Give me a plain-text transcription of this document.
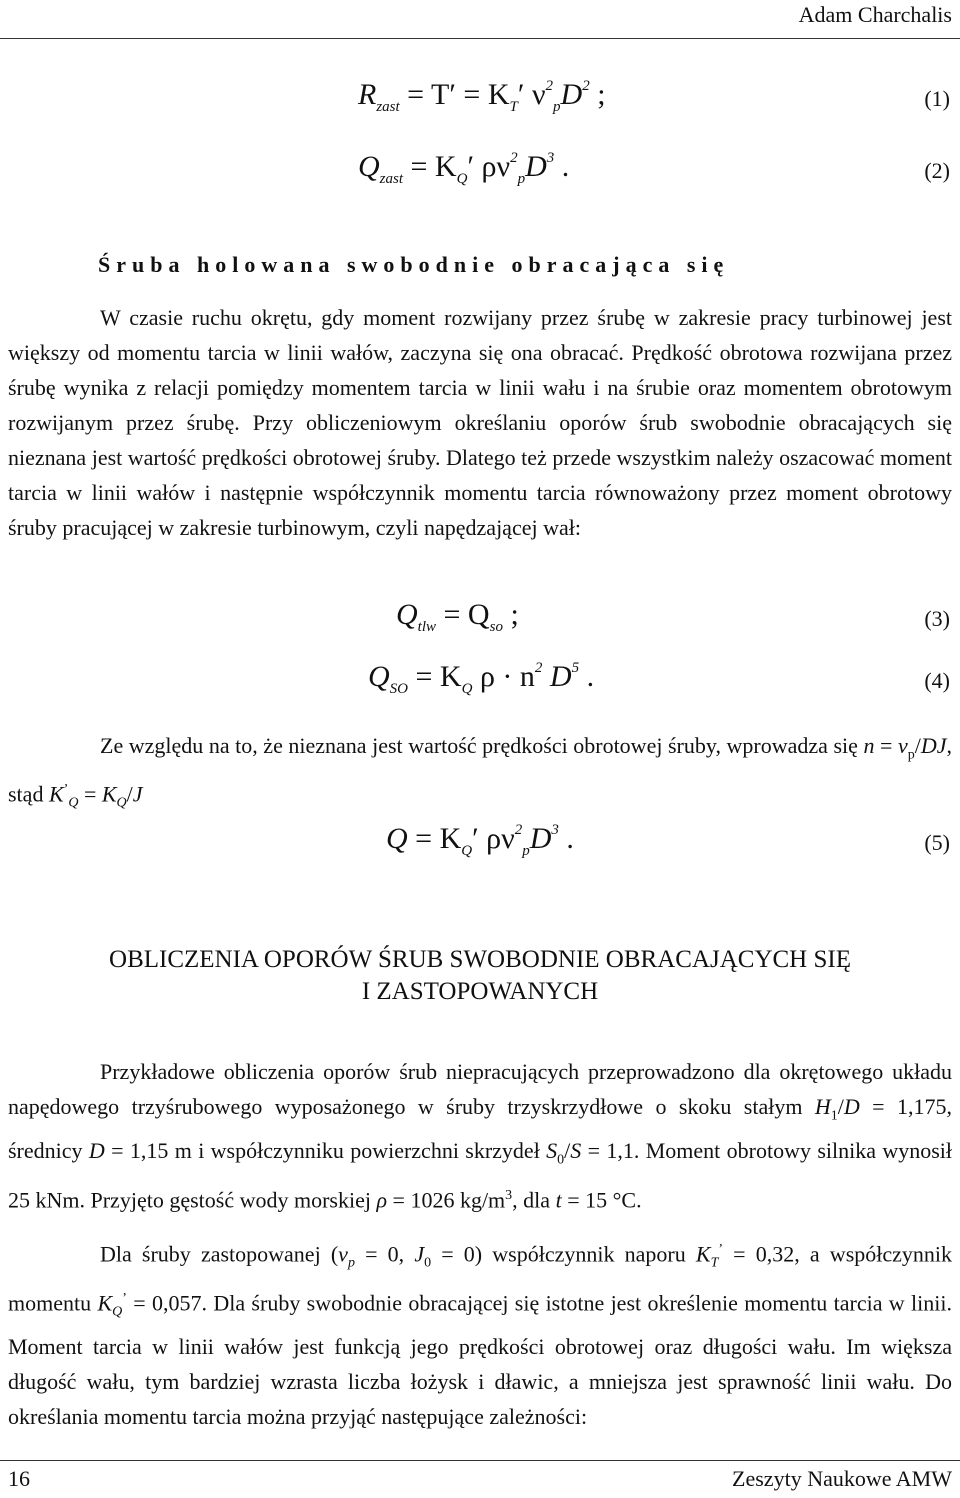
Adam Charchalis
$R_{zast} = T' = K_T'$ $\nu^2_pD^2$ ;	(1)
$Q_{zast} = K_Q'$ $\rho\nu^2_pD^3$ .	(2)
Śruba holowana swobodnie obracająca się

W czasie ruchu okrętu, gdy moment rozwijany przez śrubę w zakresie pracy turbinowej jest większy od momentu tarcia w linii wałów, zaczyna się ona obracać. Prędkość obrotowa rozwijana przez śrubę wynika z relacji pomiędzy momentem tarcia w linii wału i na śrubie oraz momentem obrotowym rozwijanym przez śrubę. Przy obliczeniowym określaniu oporów śrub swobodnie obracających się nieznana jest wartość prędkości obrotowej śruby. Dlatego też przede wszystkim należy oszacować moment tarcia w linii wałów i następnie współczynnik momentu tarcia równoważony przez moment obrotowy śruby pracującej w zakresie turbinowym, czyli napędzającej wał:

$Q_{tlw} = Q_{so}$ ;	(3)
$Q_{SO} = K_Q$ $\rho \cdot n^2$ $D^5$ .	(4)

Ze względu na to, że nieznana jest wartość prędkości obrotowej śruby, wprowadza się $n = v_p/DJ$, stąd $K^’_Q = K_Q/J$

$Q = K_Q'$ $\rho\nu^2_pD^3$ .	(5)
OBLICZENIA OPORÓW ŚRUB SWOBODNIE OBRACAJĄCYCH SIĘ
I ZASTOPOWANYCH

Przykładowe obliczenia oporów śrub niepracujących przeprowadzono dla okrętowego układu napędowego trzyśrubowego wyposażonego w śruby trzyskrzydłowe o skoku stałym $H_1/D = 1,175$, średnicy D = 1,15 m i współczynniku powierzchni skrzydeł $S_0/S = 1,1$. Moment obrotowy silnika wynosił 25 kNm. Przyjęto gęstość wody morskiej ρ = 1026 $kg/m^3$, dla t = 15 °C.

Dla śruby zastopowanej ($v_p = 0$, $J_0 = 0$) współczynnik naporu $K_T^’ = 0,32$, a współczynnik momentu $K_Q^’ = 0,057$. Dla śruby swobodnie obracającej się istotne jest określenie momentu tarcia w linii. Moment tarcia w linii wałów jest funkcją jego prędkości obrotowej oraz długości wału. Im większa długość wału, tym bardziej wzrasta liczba łożysk i dławic, a mniejsza jest sprawność linii wału. Do określania momentu tarcia można przyjąć następujące zależności:

16	Zeszyty Naukowe AMW
